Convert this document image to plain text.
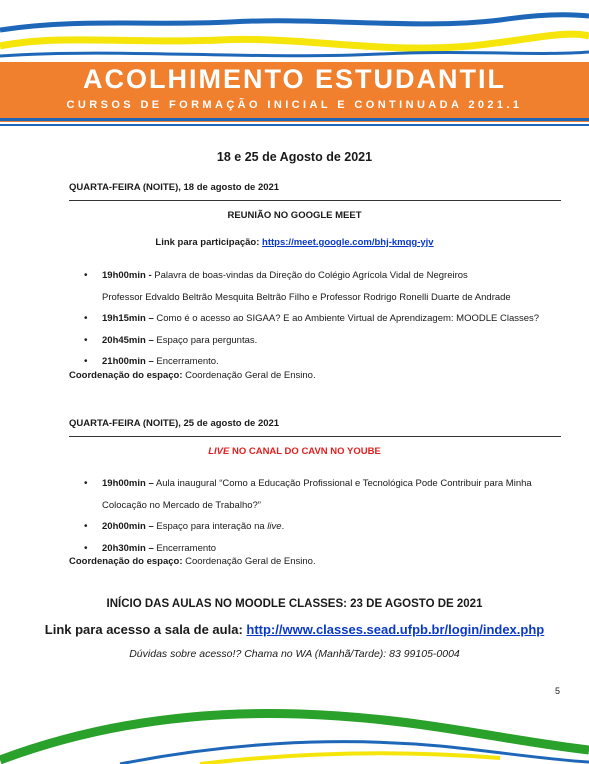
ACOLHIMENTO ESTUDANTIL
CURSOS DE FORMAÇÃO INICIAL E CONTINUADA 2021.1
18 e 25 de Agosto de 2021
QUARTA-FEIRA (NOITE), 18 de agosto de 2021
REUNIÃO NO GOOGLE MEET
Link para participação: https://meet.google.com/bhj-kmqg-yjv
• 19h00min - Palavra de boas-vindas da Direção do Colégio Agrícola Vidal de Negreiros
Professor Edvaldo Beltrão Mesquita Beltrão Filho e Professor Rodrigo Ronelli Duarte de Andrade
• 19h15min – Como é o acesso ao SIGAA? E ao Ambiente Virtual de Aprendizagem: MOODLE Classes?
• 20h45min – Espaço para perguntas.
• 21h00min – Encerramento.
Coordenação do espaço: Coordenação Geral de Ensino.
QUARTA-FEIRA (NOITE), 25 de agosto de 2021
LIVE NO CANAL DO CAVN NO YOUBE
• 19h00min – Aula inaugural “Como a Educação Profissional e Tecnológica Pode Contribuir para Minha
Colocação no Mercado de Trabalho?”
• 20h00min – Espaço para interação na live.
• 20h30min – Encerramento
Coordenação do espaço: Coordenação Geral de Ensino.
INÍCIO DAS AULAS NO MOODLE CLASSES: 23 DE AGOSTO DE 2021
Link para acesso a sala de aula: http://www.classes.sead.ufpb.br/login/index.php
Dúvidas sobre acesso!? Chama no WA (Manhã/Tarde): 83 99105-0004
5
